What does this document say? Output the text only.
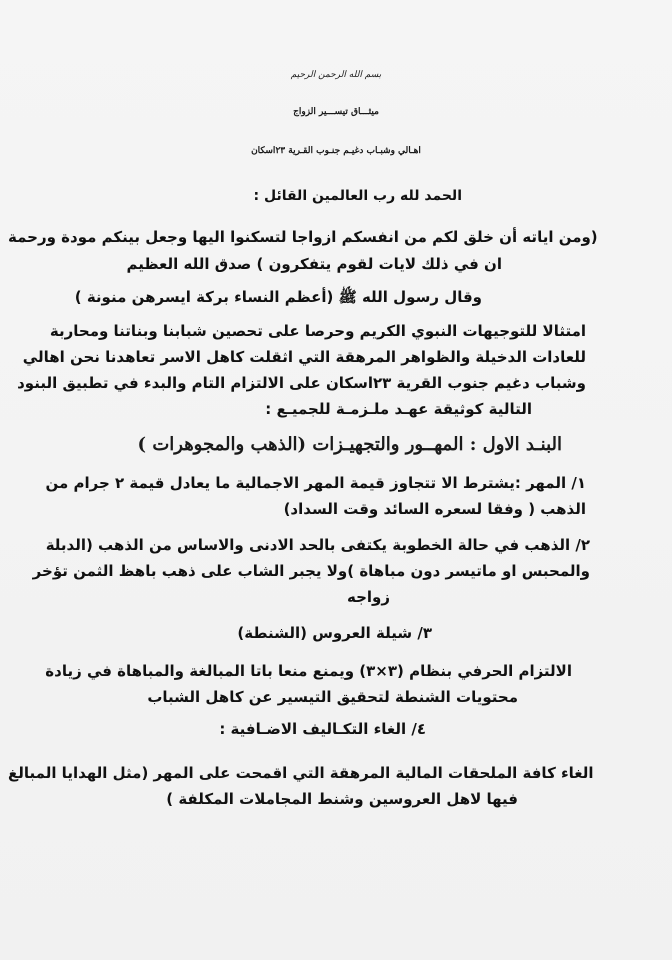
بسم الله الرحمن الرحيم
ميثـــاق تيســـير الزواج
اهـالي وشبـاب دغيـم جنـوب القـرية ٢٣اسكان
الحمد لله رب العالمين القائل :
(ومن اياته أن خلق لكم من انفسكم ازواجا لتسكنوا اليها وجعل بينكم مودة ورحمة
ان في ذلك لايات لقوم يتفكرون ) صدق الله العظيم
وقال رسول الله ﷺ (أعظم النساء بركة ايسرهن منونة )
امتثالا للتوجيهات النبوي الكريم وحرصا على تحصين شبابنا وبناتنا ومحاربة
للعادات الدخيلة والظواهر المرهقة التي اثقلت كاهل الاسر تعاهدنا نحن اهالي
وشباب دغيم جنوب القرية ٢٣اسكان على الالتزام التام والبدء في تطبيق البنود
التالية كوثيقة عهـد ملـزمـة للجميـع :
البنـد الاول : المهــور والتجهيـزات (الذهب والمجوهرات )
١/ المهر :يشترط الا تتجاوز قيمة المهر الاجمالية ما يعادل قيمة ٢ جرام من
الذهب ( وفقا لسعره السائد وقت السداد)
٢/ الذهب في حالة الخطوبة يكتفى بالحد الادنى والاساس من الذهب (الدبلة
والمحبس او ماتيسر دون مباهاة )ولا يجبر الشاب على ذهب باهظ الثمن تؤخر
زواجه
٣/ شيلة العروس (الشنطة)
الالتزام الحرفي بنظام (٣×٣) ويمنع منعا باتا المبالغة والمباهاة في زيادة
محتويات الشنطة لتحقيق التيسير عن كاهل الشباب
٤/ الغاء التكـاليف الاضـافية :
الغاء كافة الملحقات المالية المرهقة التي اقمحت على المهر (مثل الهدايا المبالغ
فيها لاهل العروسين وشنط المجاملات المكلفة )
